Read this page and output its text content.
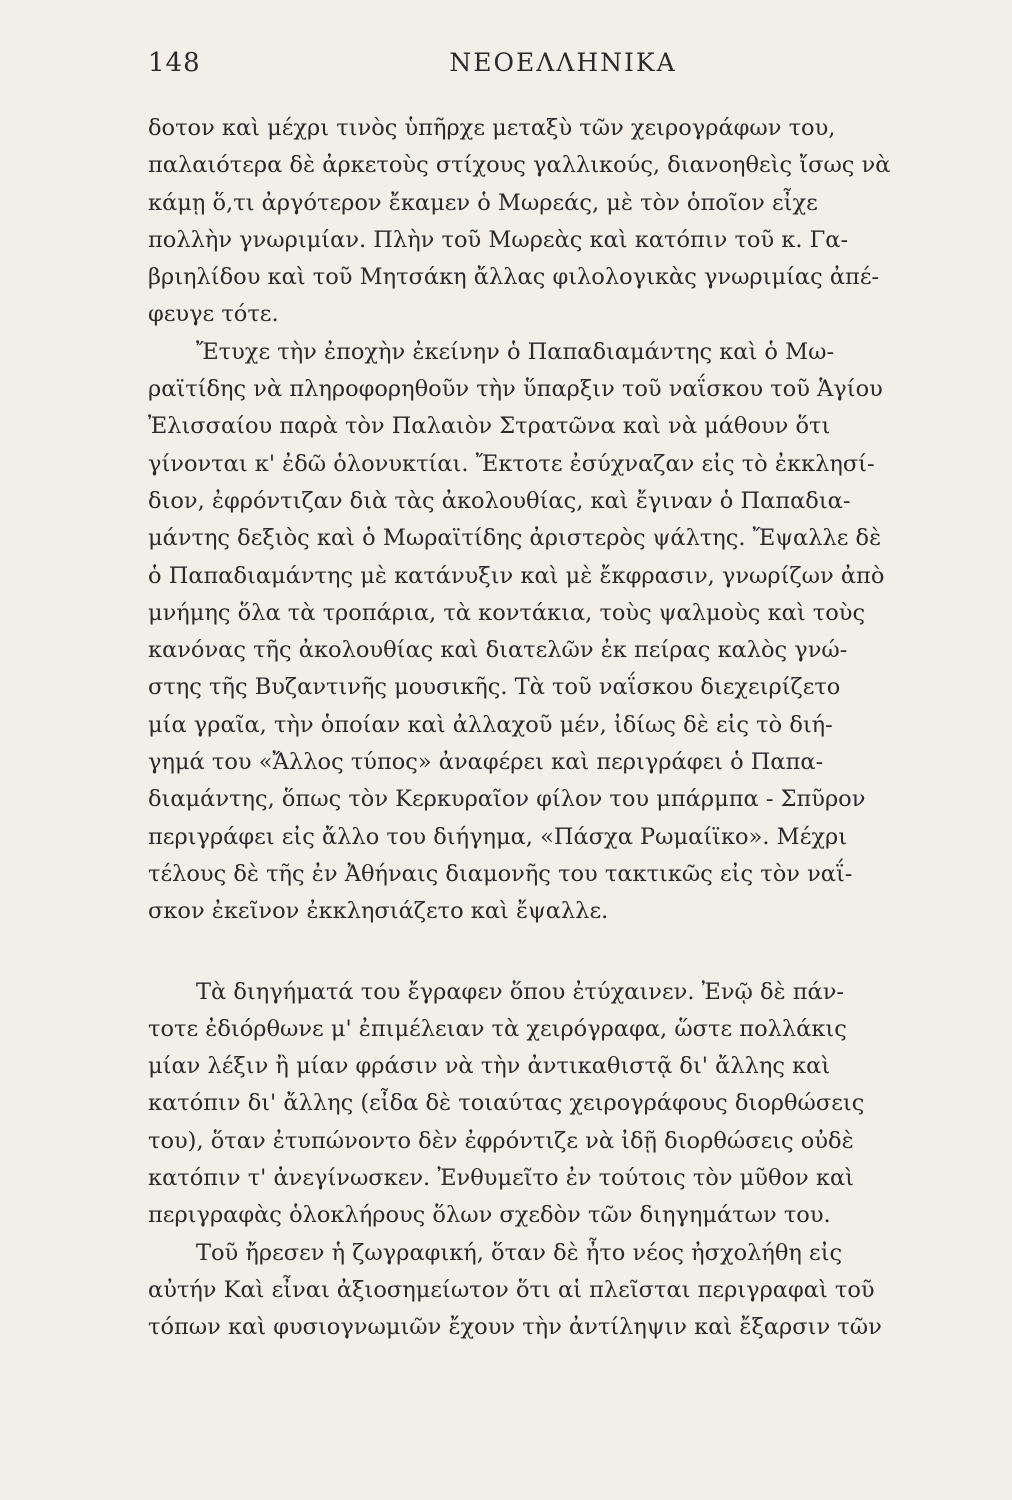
148	ΝΕΟΕΛΛΗΝΙΚΑ
δοτον καὶ μέχρι τινὸς ὑπῆρχε μεταξὺ τῶν χειρογράφων του,
παλαιότερα δὲ ἀρκετοὺς στίχους γαλλικούς, διανοηθεὶς ἴσως νὰ
κάμῃ ὅ,τι ἀργότερον ἔκαμεν ὁ Μωρεάς, μὲ τὸν ὁποῖον εἶχε
πολλὴν γνωριμίαν. Πλὴν τοῦ Μωρεὰς καὶ κατόπιν τοῦ κ. Γα-
βριηλίδου καὶ τοῦ Μητσάκη ἄλλας φιλολογικὰς γνωριμίας ἀπέ-
φευγε τότε.
Ἔτυχε τὴν ἐποχὴν ἐκείνην ὁ Παπαδιαμάντης καὶ ὁ Μω-
ραϊτίδης νὰ πληροφορηθοῦν τὴν ὕπαρξιν τοῦ ναΐσκου τοῦ Ἁγίου
Ἐλισσαίου παρὰ τὸν Παλαιὸν Στρατῶνα καὶ νὰ μάθουν ὅτι
γίνονται κ' ἐδῶ ὁλονυκτίαι. Ἔκτοτε ἐσύχναζαν εἰς τὸ ἐκκλησί-
διον, ἐφρόντιζαν διὰ τὰς ἀκολουθίας, καὶ ἔγιναν ὁ Παπαδια-
μάντης δεξιὸς καὶ ὁ Μωραϊτίδης ἀριστερὸς ψάλτης. Ἔψαλλε δὲ
ὁ Παπαδιαμάντης μὲ κατάνυξιν καὶ μὲ ἔκφρασιν, γνωρίζων ἀπὸ
μνήμης ὅλα τὰ τροπάρια, τὰ κοντάκια, τοὺς ψαλμοὺς καὶ τοὺς
κανόνας τῆς ἀκολουθίας καὶ διατελῶν ἐκ πείρας καλὸς γνώ-
στης τῆς Βυζαντινῆς μουσικῆς. Τὰ τοῦ ναΐσκου διεχειρίζετο
μία γραῖα, τὴν ὁποίαν καὶ ἀλλαχοῦ μέν, ἰδίως δὲ εἰς τὸ διή-
γημά του «Ἄλλος τύπος» ἀναφέρει καὶ περιγράφει ὁ Παπα-
διαμάντης, ὅπως τὸν Κερκυραῖον φίλον του μπάρμπα - Σπῦρον
περιγράφει εἰς ἄλλο του διήγημα, «Πάσχα Ρωμαίϊκο». Μέχρι
τέλους δὲ τῆς ἐν Ἀθήναις διαμονῆς του τακτικῶς εἰς τὸν ναΐ-
σκον ἐκεῖνον ἐκκλησιάζετο καὶ ἔψαλλε.
Τὰ διηγήματά του ἔγραφεν ὅπου ἐτύχαινεν. Ἐνῷ δὲ πάν-
τοτε ἐδιόρθωνε μ' ἐπιμέλειαν τὰ χειρόγραφα, ὥστε πολλάκις
μίαν λέξιν ἢ μίαν φράσιν νὰ τὴν ἀντικαθιστᾷ δι' ἄλλης καὶ
κατόπιν δι' ἄλλης (εἶδα δὲ τοιαύτας χειρογράφους διορθώσεις
του), ὅταν ἐτυπώνοντο δὲν ἐφρόντιζε νὰ ἰδῇ διορθώσεις οὐδὲ
κατόπιν τ' ἀνεγίνωσκεν. Ἐνθυμεῖτο ἐν τούτοις τὸν μῦθον καὶ
περιγραφὰς ὁλοκλήρους ὅλων σχεδὸν τῶν διηγημάτων του.
Τοῦ ἤρεσεν ἡ ζωγραφική, ὅταν δὲ ἦτο νέος ἠσχολήθη εἰς
αὐτήν Καὶ εἶναι ἀξιοσημείωτον ὅτι αἱ πλεῖσται περιγραφαὶ τοῦ
τόπων καὶ φυσιογνωμιῶν ἔχουν τὴν ἀντίληψιν καὶ ἔξαρσιν τῶν
